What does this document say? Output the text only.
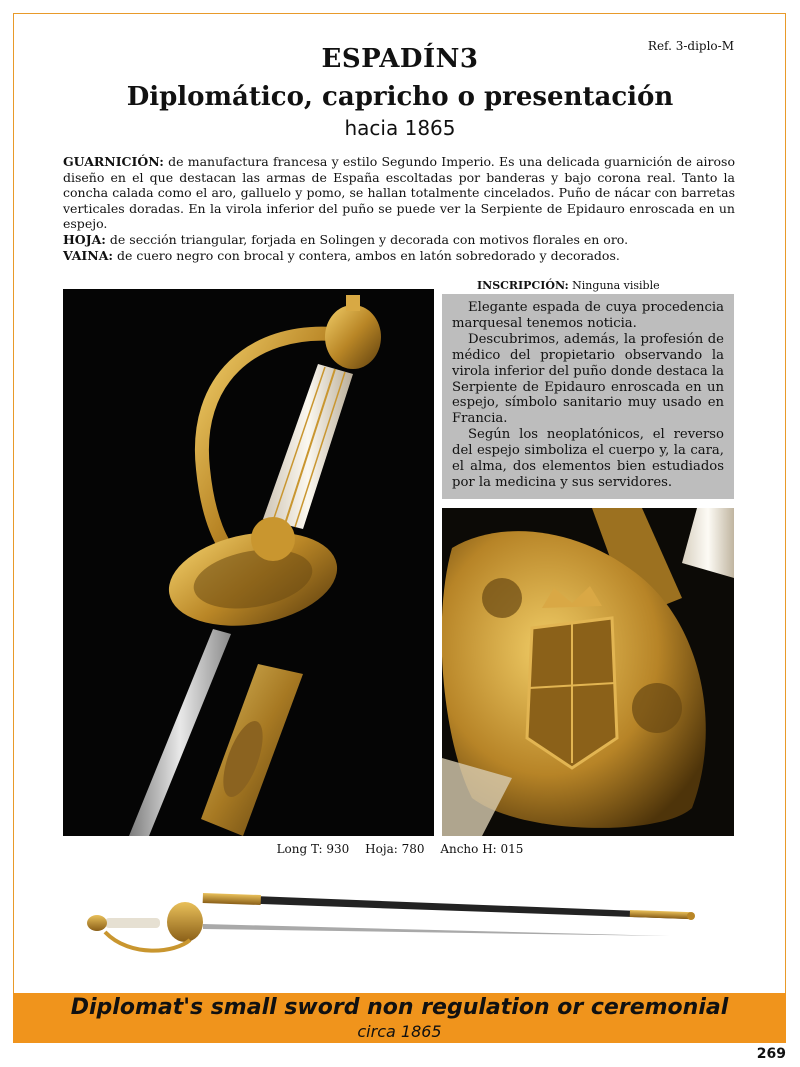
Ref. 3-diplo-M
ESPADÍN3
Diplomático, capricho o presentación
hacia 1865

GUARNICIÓN: de manufactura francesa y estilo Segundo Imperio. Es una delicada guarnición de airoso diseño en el que destacan las armas de España escoltadas por banderas y bajo corona real. Tanto la concha calada como el aro, galluelo y pomo, se hallan totalmente cincelados. Puño de nácar con barretas verticales doradas. En la virola inferior del puño se puede ver la Serpiente de Epidauro enroscada en un espejo.

HOJA: de sección triangular, forjada en Solingen y decorada con motivos florales en oro.

VAINA: de cuero negro con brocal y contera, ambos en latón sobredorado y decorados.

INSCRIPCIÓN: Ninguna visible

Elegante espada de cuya procedencia marquesal tenemos noticia.

Descubrimos, además, la profesión de médico del propietario observando la virola inferior del puño donde destaca la Serpiente de Epidauro enroscada en un espejo, símbolo sanitario muy usado en Francia.

Según los neoplatónicos, el reverso del espejo simboliza el cuerpo y, la cara, el alma, dos elementos bien estudiados por la medicina y sus servidores.

Long T: 930 Hoja: 780 Ancho H: 015
Diplomat's small sword non regulation or ceremonial
circa 1865
269
